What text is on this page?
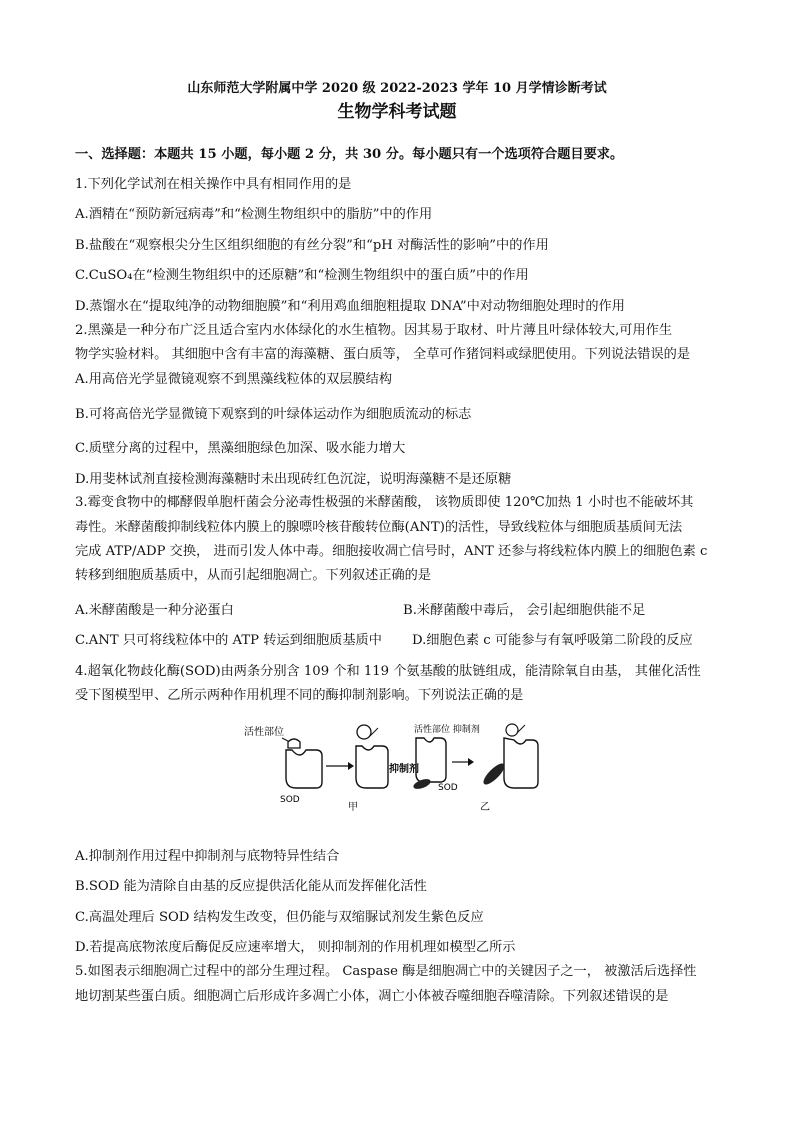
山东师范大学附属中学 2020 级 2022-2023 学年 10 月学情诊断考试
生物学科考试题
一、选择题：本题共 15 小题，每小题 2 分，共 30 分。每小题只有一个选项符合题目要求。
1.下列化学试剂在相关操作中具有相同作用的是
A.酒精在“预防新冠病毒”和“检测生物组织中的脂肪”中的作用
B.盐酸在“观察根尖分生区组织细胞的有丝分裂”和“pH 对酶活性的影响”中的作用
C.CuSO₄在“检测生物组织中的还原糖”和“检测生物组织中的蛋白质”中的作用
D.蒸馏水在“提取纯净的动物细胞膜”和“利用鸡血细胞粗提取 DNA”中对动物细胞处理时的作用
2.黑藻是一种分布广泛且适合室内水体绿化的水生植物。因其易于取材、叶片薄且叶绿体较大,可用作生
物学实验材料。 其细胞中含有丰富的海藻糖、蛋白质等， 全草可作猪饲料或绿肥使用。下列说法错误的是
A.用高倍光学显微镜观察不到黑藻线粒体的双层膜结构
B.可将高倍光学显微镜下观察到的叶绿体运动作为细胞质流动的标志
C.质壁分离的过程中，黑藻细胞绿色加深、吸水能力增大
D.用斐林试剂直接检测海藻糖时未出现砖红色沉淀，说明海藻糖不是还原糖
3.霉变食物中的椰酵假单胞杆菌会分泌毒性极强的米酵菌酸， 该物质即使 120℃加热 1 小时也不能破坏其
毒性。米酵菌酸抑制线粒体内膜上的腺嘌呤核苷酸转位酶(ANT)的活性，导致线粒体与细胞质基质间无法
完成 ATP/ADP 交换， 进而引发人体中毒。细胞接收凋亡信号时，ANT 还参与将线粒体内膜上的细胞色素 c
转移到细胞质基质中，从而引起细胞凋亡。下列叙述正确的是
A.米酵菌酸是一种分泌蛋白	B.米酵菌酸中毒后， 会引起细胞供能不足
C.ANT 只可将线粒体中的 ATP 转运到细胞质基质中 D.细胞色素 c 可能参与有氧呼吸第二阶段的反应
4.超氧化物歧化酶(SOD)由两条分别含 109 个和 119 个氨基酸的肽链组成，能清除氧自由基， 其催化活性
受下图模型甲、乙所示两种作用机理不同的酶抑制剂影响。下列说法正确的是
活性部位
SOD
甲
活性部位 抑制剂
抑制剂
SOD
乙
A.抑制剂作用过程中抑制剂与底物特异性结合
B.SOD 能为清除自由基的反应提供活化能从而发挥催化活性
C.高温处理后 SOD 结构发生改变，但仍能与双缩脲试剂发生紫色反应
D.若提高底物浓度后酶促反应速率增大， 则抑制剂的作用机理如模型乙所示
5.如图表示细胞凋亡过程中的部分生理过程。 Caspase 酶是细胞凋亡中的关键因子之一， 被激活后选择性
地切割某些蛋白质。细胞凋亡后形成许多凋亡小体，凋亡小体被吞噬细胞吞噬清除。下列叙述错误的是
